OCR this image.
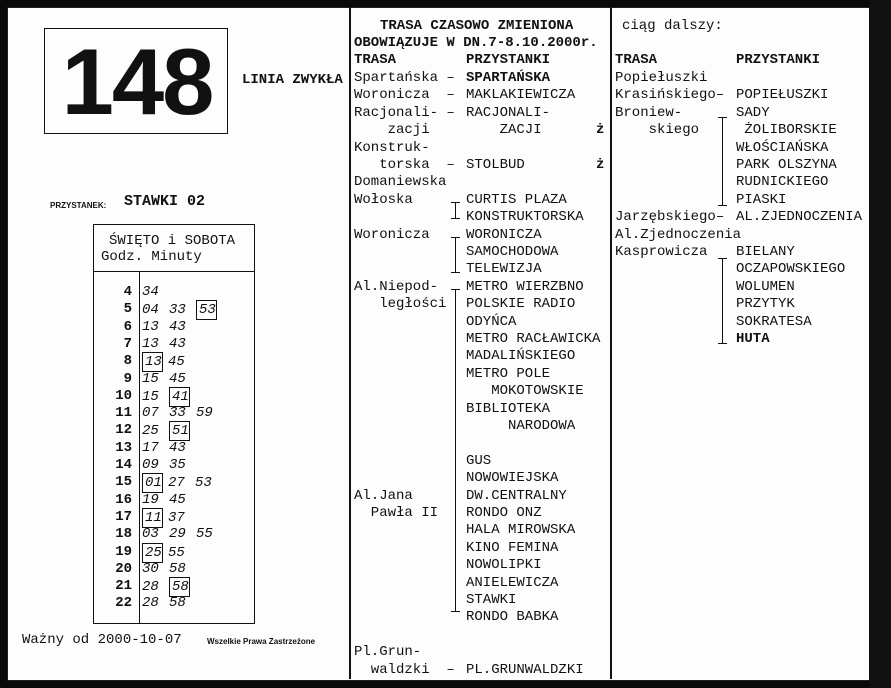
148	LINIA ZWYKŁA
PRZYSTANEK: STAWKI 02
ŚWIĘTO i SOBOTA
Godz. Minuty
4 34
5 04 33 53
6 13 43
7 13 43
8 13 45
9 15 45
10 15 41
11 07 33 59
12 25 51
13 17 43
14 09 35
15 01 27 53
16 19 45
17 11 37
18 03 29 55
19 25 55
20 30 58
21 28 58
22 28 58
Ważny od 2000-10-07	Wszelkie Prawa Zastrzeżone
TRASA CZASOWO ZMIENIONA
OBOWIĄZUJE W DN.7-8.10.2000r.
TRASA	PRZYSTANKI
Spartańska – SPARTAŃSKA
Woronicza  – MAKLAKIEWICZA
Racjonali- – RACJONALI-
zacji ZACJI	ż
Konstruk-
torska  – STOLBUD	ż
Domaniewska
Wołoska	CURTIS PLAZA
KONSTRUKTORSKA
Woronicza	WORONICZA
SAMOCHODOWA
TELEWIZJA
Al.Niepod- METRO WIERZBNO
ległości POLSKIE RADIO
ODYŃCA
METRO RACŁAWICKA
MADALIŃSKIEGO
METRO POLE
MOKOTOWSKIE
BIBLIOTEKA
NARODOWA
GUS
NOWOWIEJSKA
Al.Jana	DW.CENTRALNY
Pawła II RONDO ONZ
HALA MIROWSKA
KINO FEMINA
NOWOLIPKI
ANIELEWICZA
STAWKI
RONDO BABKA
Pl.Grun-
waldzki  – PL.GRUNWALDZKI
ciąg dalszy:
TRASA	PRZYSTANKI
Popiełuszki
Krasińskiego– POPIEŁUSZKI
Broniew-	SADY
skiego	ŻOLIBORSKIE
WŁOŚCIAŃSKA
PARK OLSZYNA
RUDNICKIEGO
PIASKI
Jarzębskiego– AL.ZJEDNOCZENIA
Al.Zjednoczenia
Kasprowicza BIELANY
OCZAPOWSKIEGO
WOLUMEN
PRZYTYK
SOKRATESA
HUTA
